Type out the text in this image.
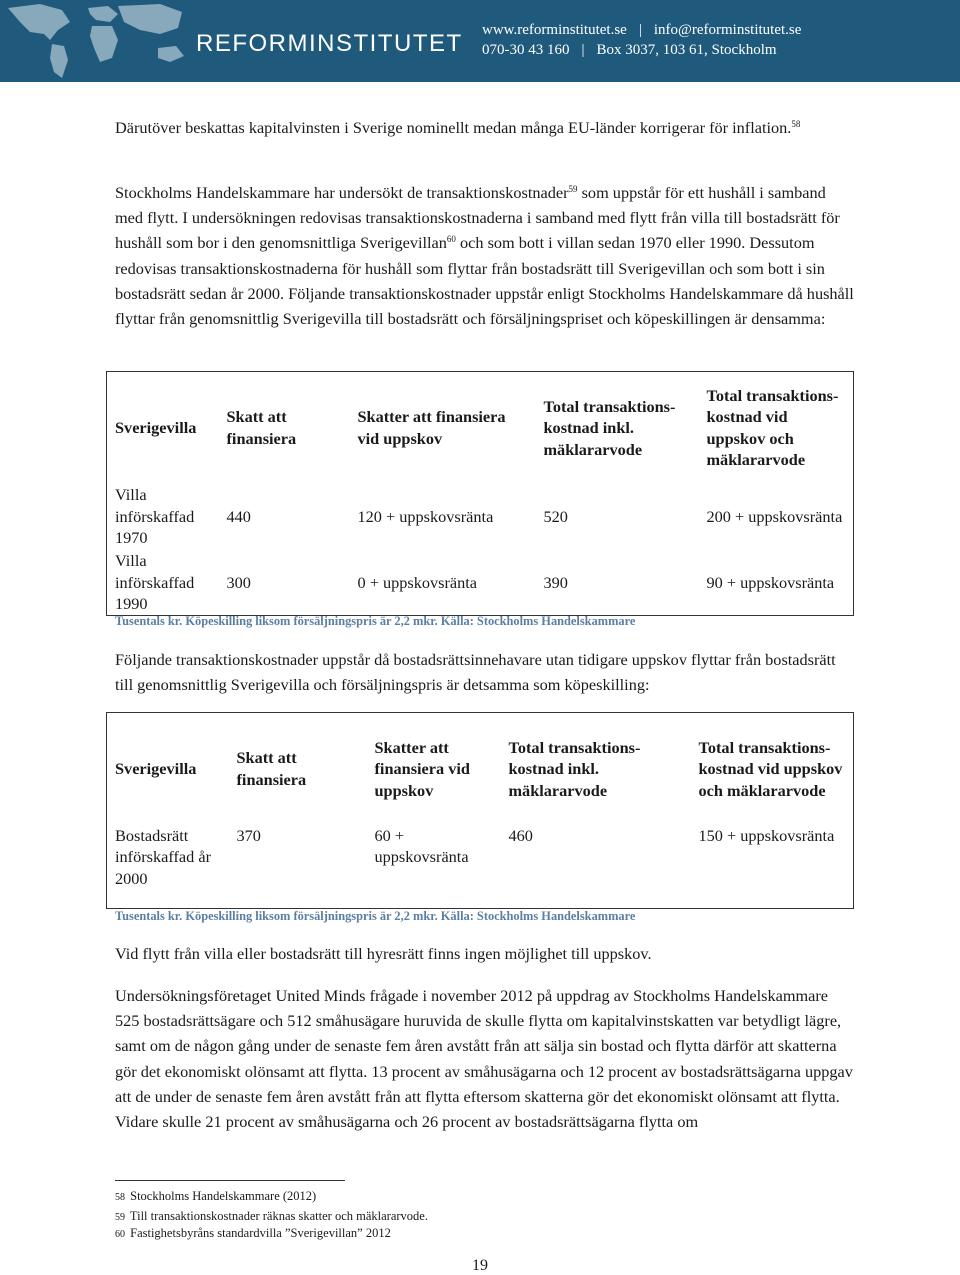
REFORMINSTITUTET www.reforminstitutet.se | info@reforminstitutet.se
070-30 43 160 | Box 3037, 103 61, Stockholm

Därutöver beskattas kapitalvinsten i Sverige nominellt medan många EU-länder korrigerar för inflation.$^{58}$

Stockholms Handelskammare har undersökt de transaktionskostnader$^{59}$ som uppstår för ett hushåll i samband med flytt. I undersökningen redovisas transaktionskostnaderna i samband med flytt från villa till bostadsrätt för hushåll som bor i den genomsnittliga Sverigevillan$^{60}$ och som bott i villan sedan 1970 eller 1990. Dessutom redovisas transaktionskostnaderna för hushåll som flyttar från bostadsrätt till Sverigevillan och som bott i sin bostadsrätt sedan år 2000. Följande transaktionskostnader uppstår enligt Stockholms Handelskammare då hushåll flyttar från genomsnittlig Sverigevilla till bostadsrätt och försäljningspriset och köpeskillingen är densamma:

Sverigevilla	Skatt att finansiera	Skatter att finansiera vid uppskov	Total transaktions-kostnad inkl. mäklararvode	Total transaktions-kostnad vid uppskov och mäklararvode
Villa införskaffad 1970	440	120 + uppskovsränta	520	200 + uppskovsränta
Villa införskaffad 1990	300	0 + uppskovsränta	390	90 + uppskovsränta
Tusentals kr. Köpeskilling liksom försäljningspris är 2,2 mkr. Källa: Stockholms Handelskammare

Följande transaktionskostnader uppstår då bostadsrättsinnehavare utan tidigare uppskov flyttar från bostadsrätt till genomsnittlig Sverigevilla och försäljningspris är detsamma som köpeskilling:

Sverigevilla	Skatt att finansiera	Skatter att finansiera vid uppskov	Total transaktions-kostnad inkl. mäklararvode	Total transaktions-kostnad vid uppskov och mäklararvode
Bostadsrätt införskaffad år 2000	370	60 + uppskovsränta	460	150 + uppskovsränta
Tusentals kr. Köpeskilling liksom försäljningspris är 2,2 mkr. Källa: Stockholms Handelskammare

Vid flytt från villa eller bostadsrätt till hyresrätt finns ingen möjlighet till uppskov.

Undersökningsföretaget United Minds frågade i november 2012 på uppdrag av Stockholms Handelskammare 525 bostadsrättsägare och 512 småhusägare huruvida de skulle flytta om kapitalvinstskatten var betydligt lägre, samt om de någon gång under de senaste fem åren avstått från att sälja sin bostad och flytta därför att skatterna gör det ekonomiskt olönsamt att flytta. 13 procent av småhusägarna och 12 procent av bostadsrättsägarna uppgav att de under de senaste fem åren avstått från att flytta eftersom skatterna gör det ekonomiskt olönsamt att flytta. Vidare skulle 21 procent av småhusägarna och 26 procent av bostadsrättsägarna flytta om

58 Stockholms Handelskammare (2012)
59 Till transaktionskostnader räknas skatter och mäklararvode.
60 Fastighetsbyråns standardvilla ”Sverigevillan” 2012
19
